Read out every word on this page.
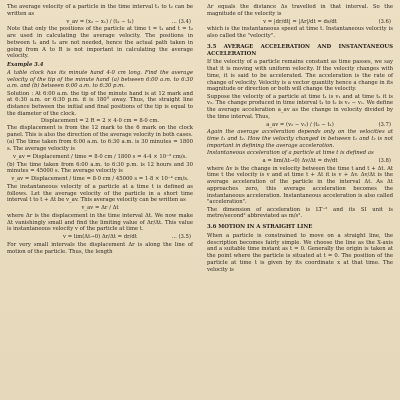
The average velocity of a particle in the time interval t₁ to t₂ can be written as

v_av = (x₂ − x₁) / (t₂ − t₁)	... (3.4)

Note that only the positions of the particle at time t = t₁ and t = t₂ are used in calculating the average velocity. The positions in between t₁ and t₂ are not needed, hence the actual path taken in going from A to B is not important in calculating the average velocity.

Example 3.4

A table clock has its minute hand 4·0 cm long. Find the average velocity of the tip of the minute hand (a) between 6:00 a.m. to 6:30 a.m. and (b) between 6:00 a.m. to 6:30 p.m.

Solution : At 6:00 a.m. the tip of the minute hand is at 12 mark and at 6:30 a.m. or 6:30 p.m. it is 180° away. Thus, the straight line distance between the initial and final positions of the tip is equal to the diameter of the clock.

Displacement = 2 R = 2 × 4·0 cm = 8·0 cm.

The displacement is from the 12 mark to the 6 mark on the clock panel. This is also the direction of the average velocity in both cases.

(a) The time taken from 6:00 a.m. to 6:30 a.m. is 30 minutes = 1800 s. The average velocity is

v_av = Displacement / time = 8·0 cm / 1800 s = 4·4 × 10⁻³ cm/s.

(b) The time taken from 6:00 a.m. to 6:30 p.m. is 12 hours and 30 minutes = 45000 s. The average velocity is

v_av = Displacement / time = 8·0 cm / 45000 s = 1·8 × 10⁻⁴ cm/s.

The instantaneous velocity of a particle at a time t is defined as follows. Let the average velocity of the particle in a short time interval t to t + Δt be v_av. This average velocity can be written as

v_av = Δr / Δt

where Δr is the displacement in the time interval Δt. We now make Δt vanishingly small and find the limiting value of Δr/Δt. This value is instantaneous velocity v of the particle at time t.

v = lim(Δt→0) Δr/Δt = dr/dt	... (3.5)

For very small intervals the displacement Δr is along the line of motion of the particle. Thus, the length

Δr equals the distance Δs travelled in that interval. So the magnitude of the velocity is

v = |dr/dt| = |Δr|/dt = ds/dt	(3.6)

which is the instantaneous speed at time t. Instantaneous velocity is also called the "velocity".

3.5 AVERAGE ACCELERATION AND INSTANTANEOUS ACCELERATION

If the velocity of a particle remains constant as time passes, we say that it is moving with uniform velocity. If the velocity changes with time, it is said to be accelerated. The acceleration is the rate of change of velocity. Velocity is a vector quantity hence a change in its magnitude or direction or both will change the velocity.

Suppose the velocity of a particle at time t₁ is v₁ and at time t₂ it is v₂. The change produced in time interval t₁ to t₂ is v₂ − v₁. We define the average acceleration a_av as the change in velocity divided by the time interval. Thus,

a_av = (v₂ − v₁) / (t₂ − t₁)	(3.7)

Again the average acceleration depends only on the velocities at time t₁ and t₂. How the velocity changed in between t₁ and t₂ is not important in defining the average acceleration.

Instantaneous acceleration of a particle at time t is defined as

a = lim(Δt→0) Δv/Δt = dv/dt	(3.8)

where Δv is the change in velocity between the time t and t + Δt. At time t the velocity is v and at time t + Δt it is v + Δv. Δv/Δt is the average acceleration of the particle in the interval Δt. As Δt approaches zero, this average acceleration becomes the instantaneous acceleration. Instantaneous acceleration is also called "acceleration".

The dimension of acceleration is LT⁻² and its SI unit is metre/second² abbreviated as m/s².

3.6 MOTION IN A STRAIGHT LINE

When a particle is constrained to move on a straight line, the description becomes fairly simple. We choose the line as the X-axis and a suitable time instant as t = 0. Generally the origin is taken at the point where the particle is situated at t = 0. The position of the particle at time t is given by its coordinate x at that time. The velocity is
